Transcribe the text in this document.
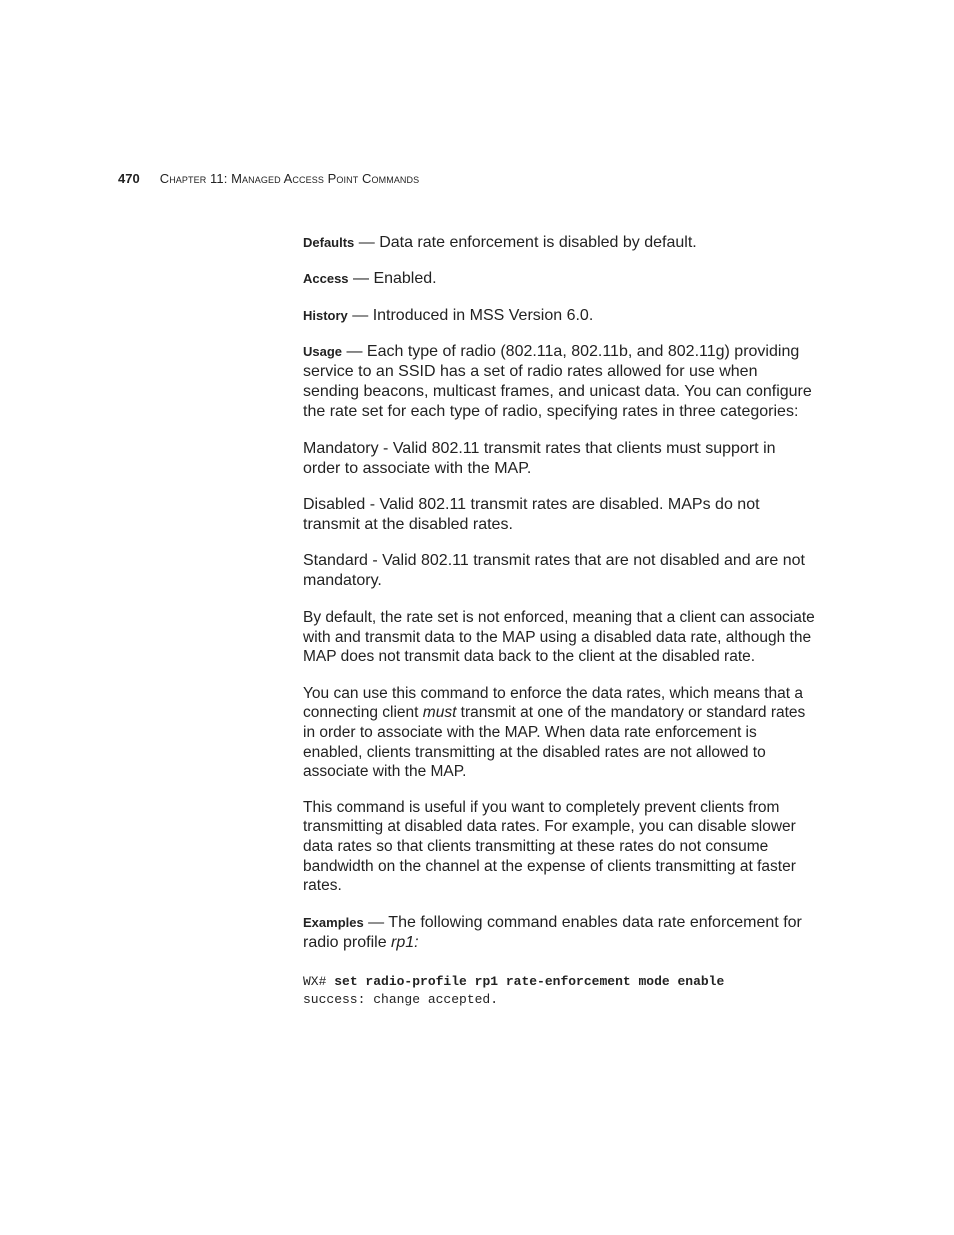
470 Chapter 11: Managed Access Point Commands

Defaults — Data rate enforcement is disabled by default.

Access — Enabled.

History — Introduced in MSS Version 6.0.

Usage — Each type of radio (802.11a, 802.11b, and 802.11g) providing service to an SSID has a set of radio rates allowed for use when sending beacons, multicast frames, and unicast data. You can configure the rate set for each type of radio, specifying rates in three categories:

Mandatory - Valid 802.11 transmit rates that clients must support in order to associate with the MAP.

Disabled - Valid 802.11 transmit rates are disabled. MAPs do not transmit at the disabled rates.

Standard - Valid 802.11 transmit rates that are not disabled and are not mandatory.

By default, the rate set is not enforced, meaning that a client can associate with and transmit data to the MAP using a disabled data rate, although the MAP does not transmit data back to the client at the disabled rate.

You can use this command to enforce the data rates, which means that a connecting client must transmit at one of the mandatory or standard rates in order to associate with the MAP. When data rate enforcement is enabled, clients transmitting at the disabled rates are not allowed to associate with the MAP.

This command is useful if you want to completely prevent clients from transmitting at disabled data rates. For example, you can disable slower data rates so that clients transmitting at these rates do not consume bandwidth on the channel at the expense of clients transmitting at faster rates.

Examples — The following command enables data rate enforcement for radio profile rp1:

WX# set radio-profile rp1 rate-enforcement mode enable
success: change accepted.
